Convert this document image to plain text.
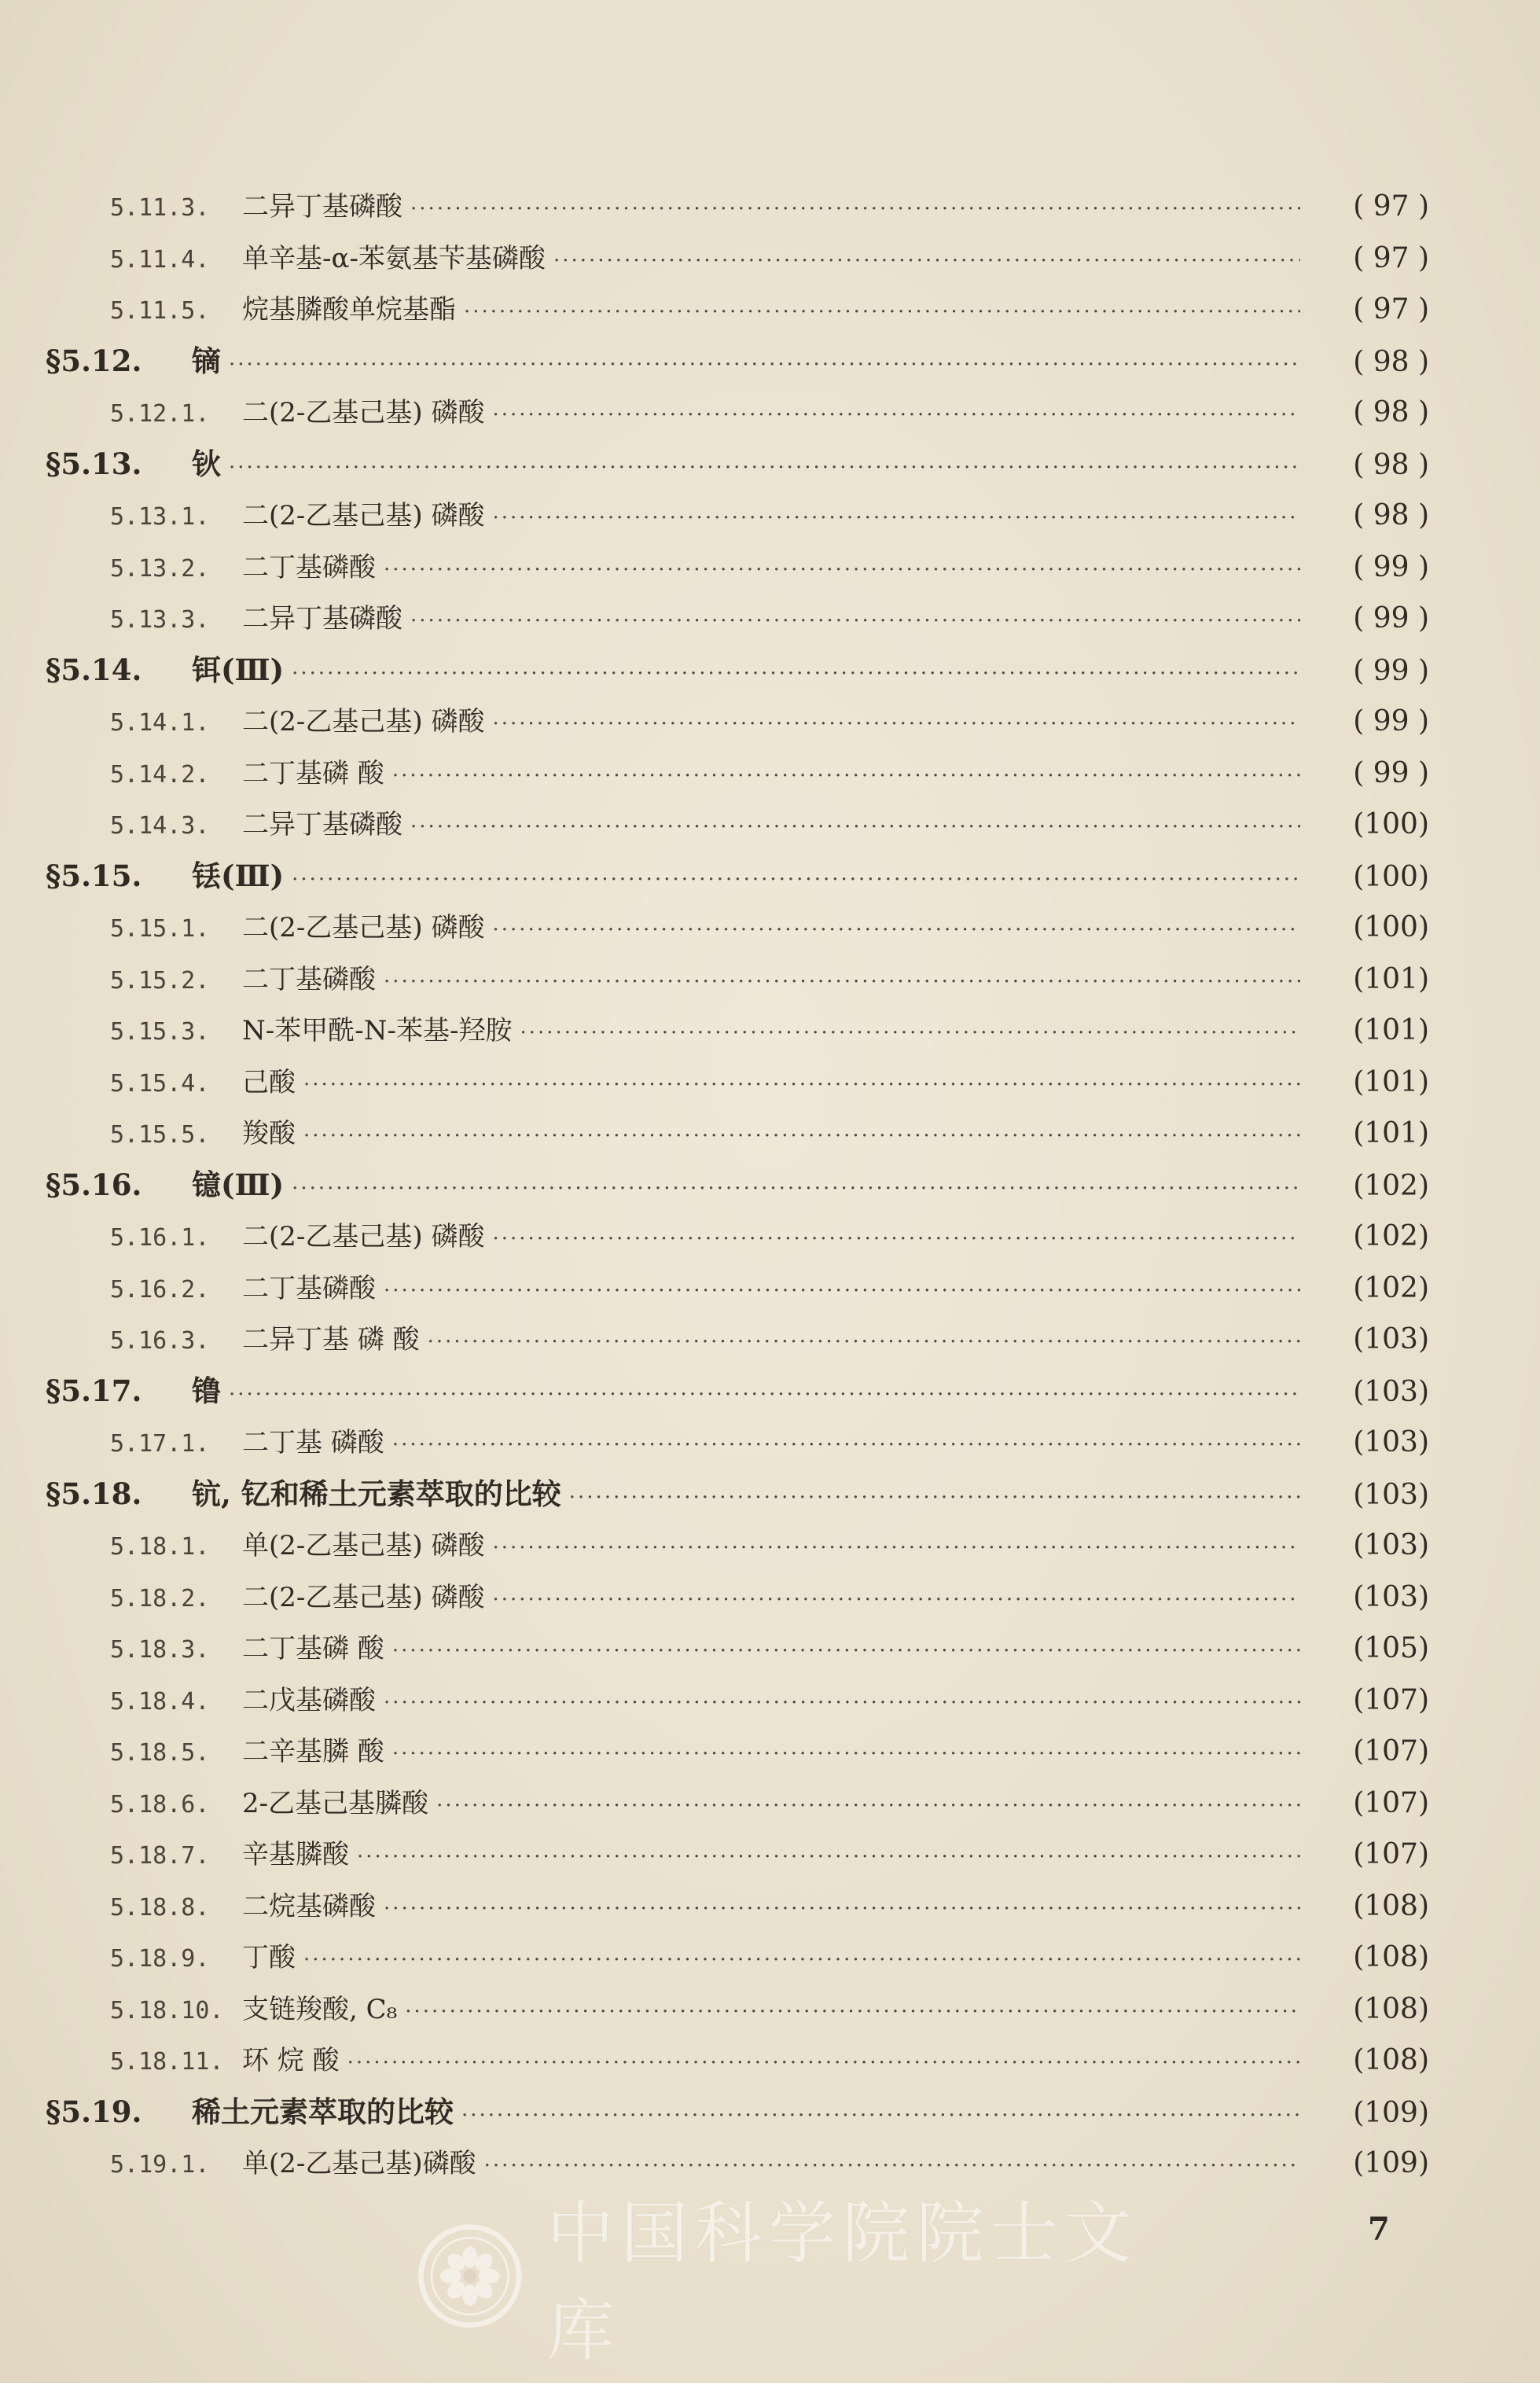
5.11.3.	二异丁基磷酸 ·····	( 97 )
5.11.4.	单辛基-α-苯氨基苄基磷酸 ·····	( 97 )
5.11.5.	烷基膦酸单烷基酯 ·····	( 97 )
§5.12.	镝 ·····	( 98 )
5.12.1.	二(2-乙基己基) 磷酸 ·····	( 98 )
§5.13.	钬 ·····	( 98 )
5.13.1.	二(2-乙基己基) 磷酸 ·····	( 98 )
5.13.2.	二丁基磷酸 ·····	( 99 )
5.13.3.	二异丁基磷酸 ·····	( 99 )
§5.14.	铒(Ⅲ) ·····	( 99 )
5.14.1.	二(2-乙基己基) 磷酸 ·····	( 99 )
5.14.2.	二丁基磷 酸 ·····	( 99 )
5.14.3.	二异丁基磷酸 ·····	(100)
§5.15.	铥(Ⅲ) ·····	(100)
5.15.1.	二(2-乙基己基) 磷酸 ·····	(100)
5.15.2.	二丁基磷酸 ·····	(101)
5.15.3.	N-苯甲酰-N-苯基-羟胺 ·····	(101)
5.15.4.	己酸 ·····	(101)
5.15.5.	羧酸 ·····	(101)
§5.16.	镱(Ⅲ) ·····	(102)
5.16.1.	二(2-乙基己基) 磷酸 ·····	(102)
5.16.2.	二丁基磷酸 ·····	(102)
5.16.3.	二异丁基 磷 酸 ·····	(103)
§5.17.	镥 ·····	(103)
5.17.1.	二丁基 磷酸 ·····	(103)
§5.18.	钪, 钇和稀土元素萃取的比较 ·····	(103)
5.18.1.	单(2-乙基己基) 磷酸 ·····	(103)
5.18.2.	二(2-乙基己基) 磷酸 ·····	(103)
5.18.3.	二丁基磷 酸 ·····	(105)
5.18.4.	二戊基磷酸 ·····	(107)
5.18.5.	二辛基膦 酸 ·····	(107)
5.18.6.	2-乙基己基膦酸 ·····	(107)
5.18.7.	辛基膦酸 ·····	(107)
5.18.8.	二烷基磷酸 ·····	(108)
5.18.9.	丁酸 ·····	(108)
5.18.10. 支链羧酸, C₈ ·····	(108)
5.18.11. 环 烷 酸 ·····	(108)
§5.19.	稀土元素萃取的比较 ·····	(109)
5.19.1.	单(2-乙基己基)磷酸 ·····	(109)
7
中国科学院院士文库
